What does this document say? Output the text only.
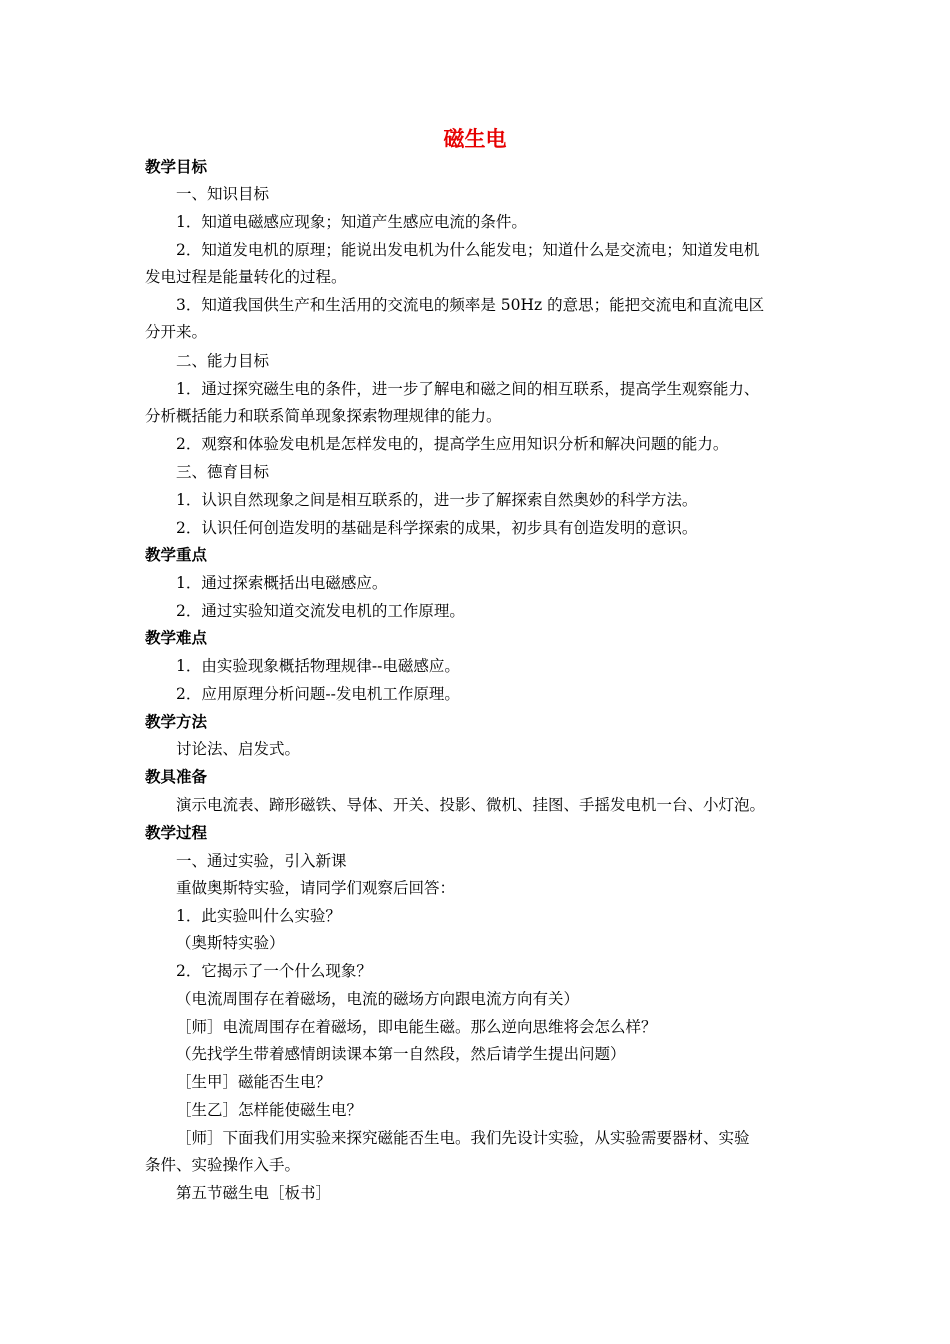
磁生电
教学目标
一、知识目标
1．知道电磁感应现象；知道产生感应电流的条件。
2．知道发电机的原理；能说出发电机为什么能发电；知道什么是交流电；知道发电机
发电过程是能量转化的过程。
3．知道我国供生产和生活用的交流电的频率是 50Hz 的意思；能把交流电和直流电区
分开来。
二、能力目标
1．通过探究磁生电的条件，进一步了解电和磁之间的相互联系，提高学生观察能力、
分析概括能力和联系简单现象探索物理规律的能力。
2．观察和体验发电机是怎样发电的，提高学生应用知识分析和解决问题的能力。
三、德育目标
1．认识自然现象之间是相互联系的，进一步了解探索自然奥妙的科学方法。
2．认识任何创造发明的基础是科学探索的成果，初步具有创造发明的意识。
教学重点
1．通过探索概括出电磁感应。
2．通过实验知道交流发电机的工作原理。
教学难点
1．由实验现象概括物理规律--电磁感应。
2．应用原理分析问题--发电机工作原理。
教学方法
讨论法、启发式。
教具准备
演示电流表、蹄形磁铁、导体、开关、投影、微机、挂图、手摇发电机一台、小灯泡。
教学过程
一、通过实验，引入新课
重做奥斯特实验，请同学们观察后回答：
1．此实验叫什么实验？
（奥斯特实验）
2．它揭示了一个什么现象？
（电流周围存在着磁场，电流的磁场方向跟电流方向有关）
［师］电流周围存在着磁场，即电能生磁。那么逆向思维将会怎么样？
（先找学生带着感情朗读课本第一自然段，然后请学生提出问题）
［生甲］磁能否生电？
［生乙］怎样能使磁生电？
［师］下面我们用实验来探究磁能否生电。我们先设计实验，从实验需要器材、实验
条件、实验操作入手。
第五节磁生电［板书］
